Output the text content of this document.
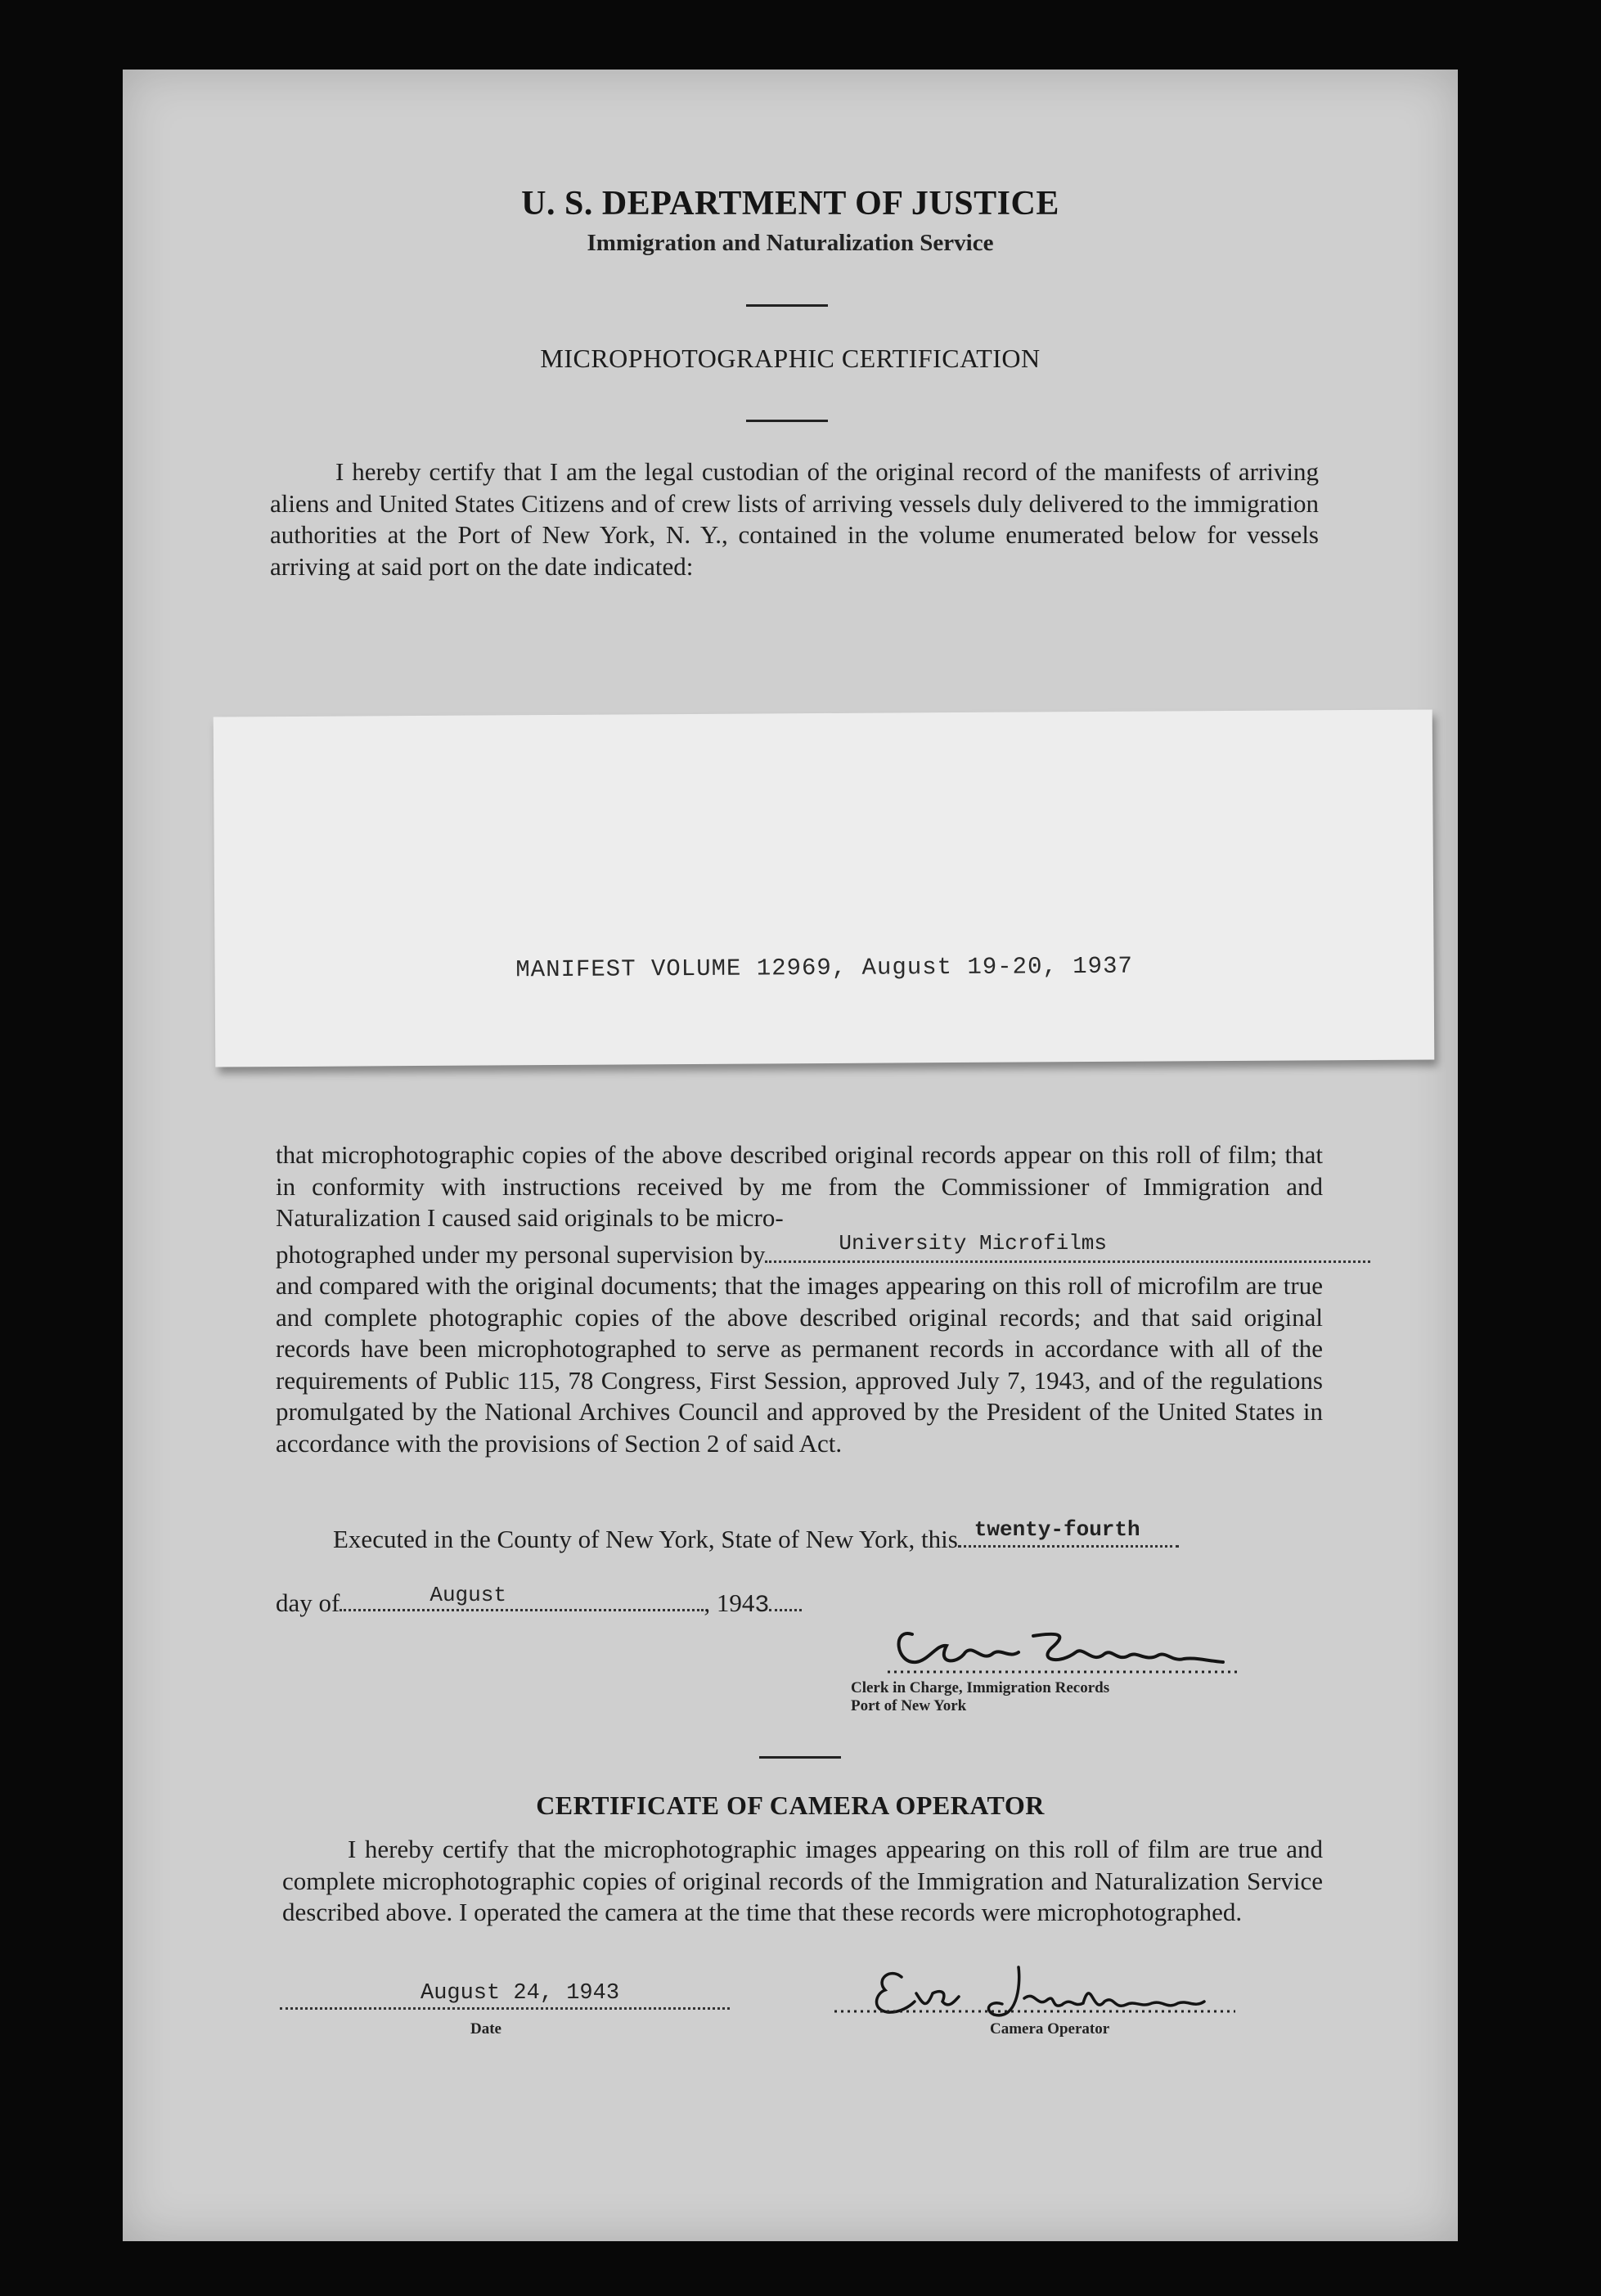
U. S. DEPARTMENT OF JUSTICE
Immigration and Naturalization Service
MICROPHOTOGRAPHIC CERTIFICATION
I hereby certify that I am the legal custodian of the original record of the manifests of arriving aliens and United States Citizens and of crew lists of arriving vessels duly delivered to the immigration authorities at the Port of New York, N. Y., contained in the volume enumerated below for vessels arriving at said port on the date indicated:
MANIFEST VOLUME 12969, August 19-20, 1937

that microphotographic copies of the above described original records appear on this roll of film; that in conformity with instructions received by me from the Commissioner of Immigration and Naturalization I caused said originals to be micro-

photographed under my personal supervision by	University Microfilms

and compared with the original documents; that the images appearing on this roll of microfilm are true and complete photographic copies of the above described original records; and that said original records have been microphotographed to serve as permanent records in accordance with all of the requirements of Public 115, 78 Congress, First Session, approved July 7, 1943, and of the regulations promulgated by the National Archives Council and approved by the President of the United States in accordance with the provisions of Section 2 of said Act.

Executed in the County of New York, State of New York, this twenty-fourth
day of	August	, 1943
Clerk in Charge, Immigration Records
Port of New York
CERTIFICATE OF CAMERA OPERATOR
I hereby certify that the microphotographic images appearing on this roll of film are true and complete microphotographic copies of original records of the Immigration and Naturalization Service described above. I operated the camera at the time that these records were microphotographed.
August 24, 1943
Date	Camera Operator
